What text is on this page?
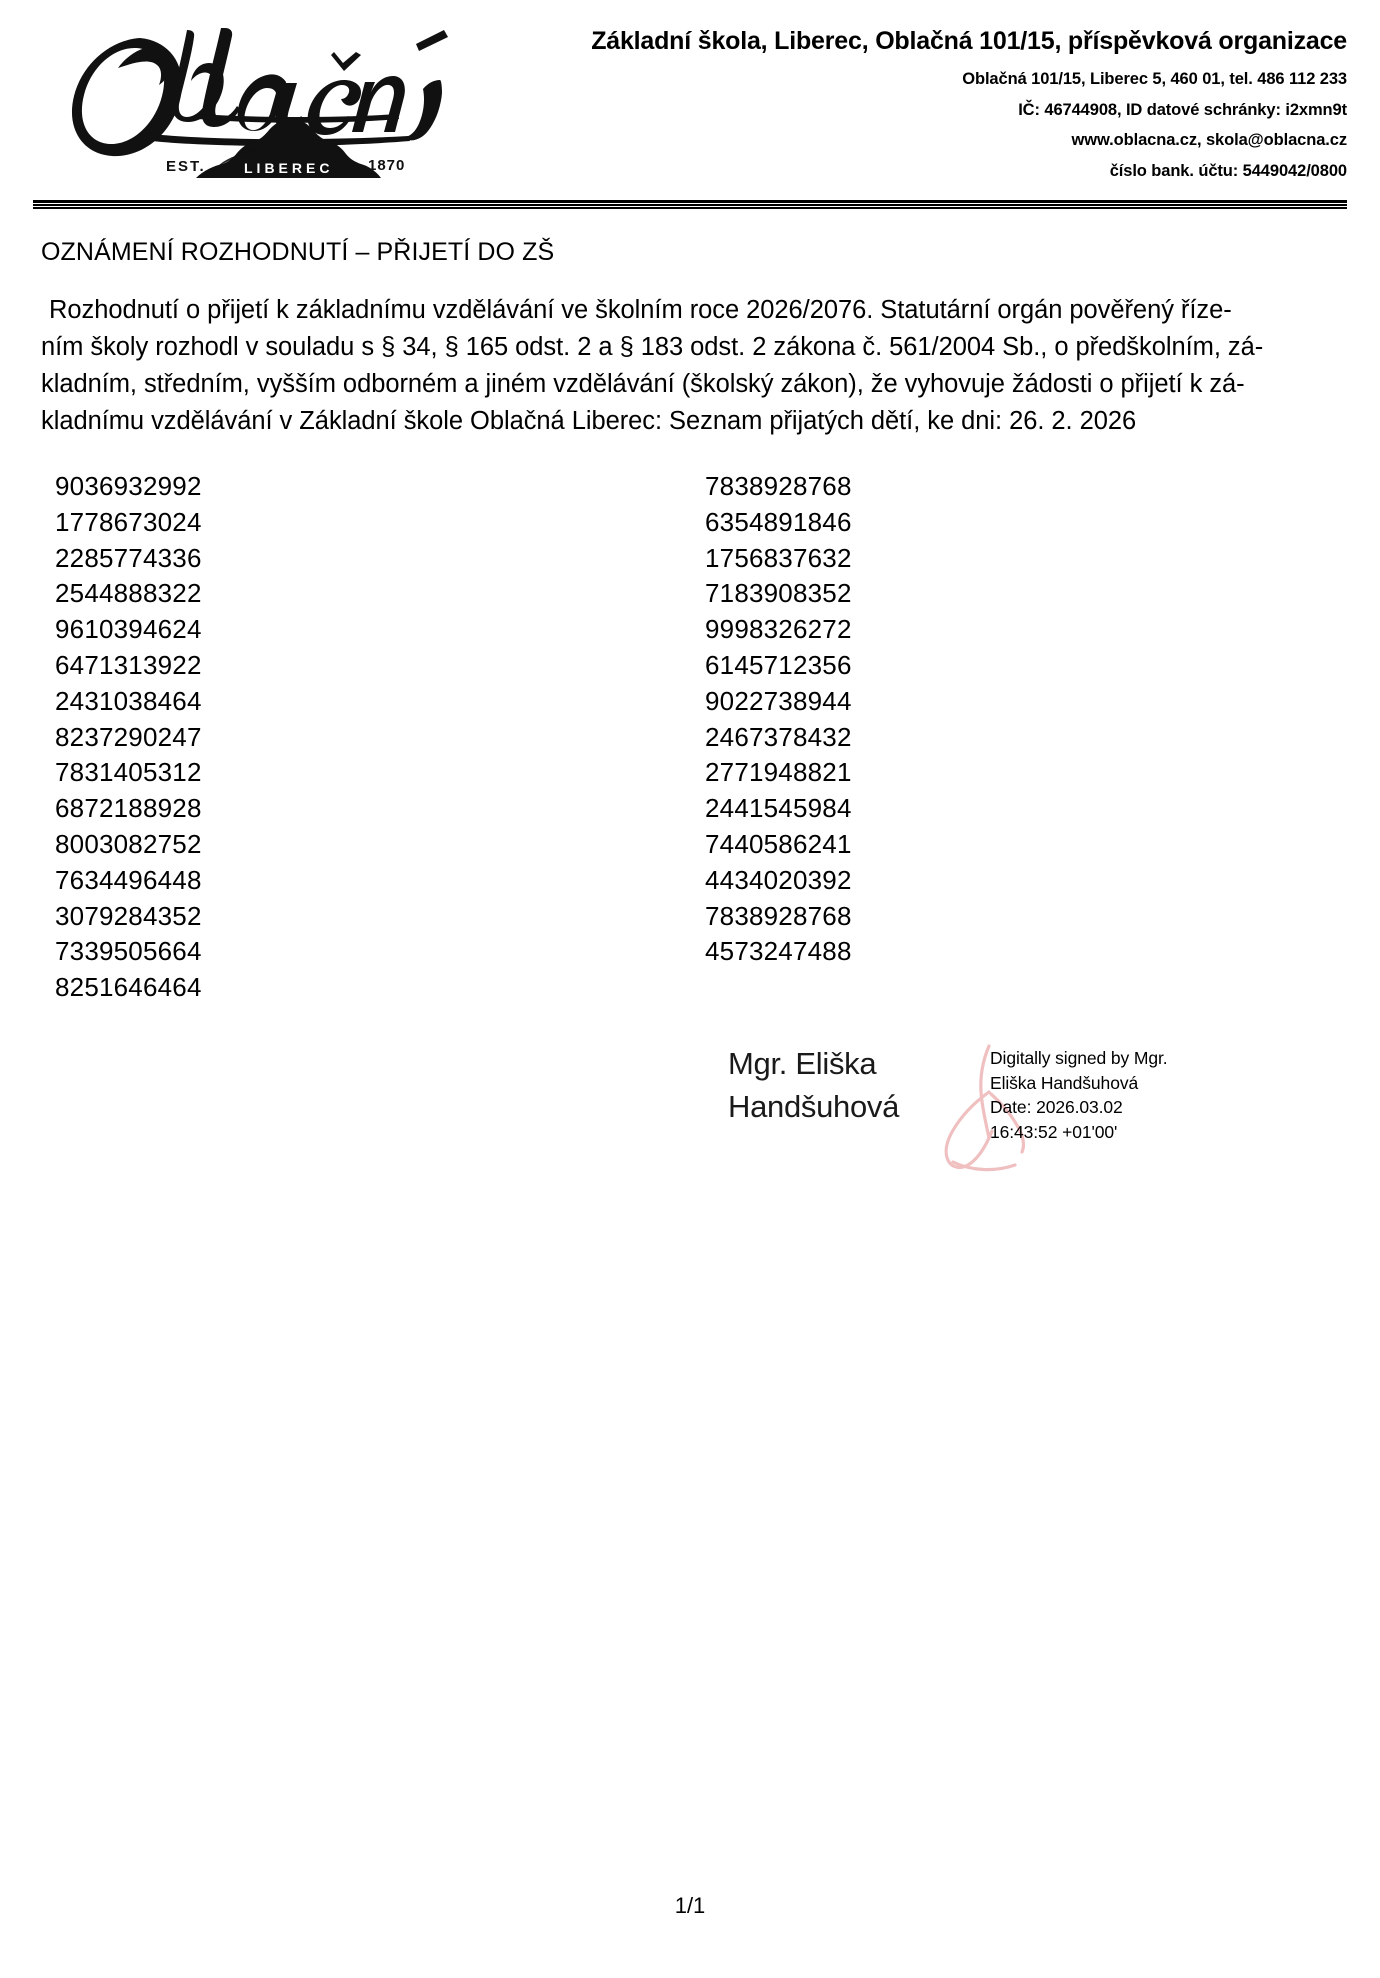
EST.	LIBEREC 1870
Základní škola, Liberec, Oblačná 101/15, příspěvková organizace
Oblačná 101/15, Liberec 5, 460 01, tel. 486 112 233
IČ: 46744908, ID datové schránky: i2xmn9t
www.oblacna.cz, skola@oblacna.cz
číslo bank. účtu: 5449042/0800
OZNÁMENÍ ROZHODNUTÍ – PŘIJETÍ DO ZŠ
Rozhodnutí o přijetí k základnímu vzdělávání ve školním roce 2026/2076. Statutární orgán pověřený říze-
ním školy rozhodl v souladu s § 34, § 165 odst. 2 a § 183 odst. 2 zákona č. 561/2004 Sb., o předškolním, zá-
kladním, středním, vyšším odborném a jiném vzdělávání (školský zákon), že vyhovuje žádosti o přijetí k zá-
kladnímu vzdělávání v Základní škole Oblačná Liberec: Seznam přijatých dětí, ke dni: 26. 2. 2026
9036932992
1778673024
2285774336
2544888322
9610394624
6471313922
2431038464
8237290247
7831405312
6872188928
8003082752
7634496448
3079284352
7339505664
8251646464
7838928768
6354891846
1756837632
7183908352
9998326272
6145712356
9022738944
2467378432
2771948821
2441545984
7440586241
4434020392
7838928768
4573247488
Mgr. Eliška
Handšuhová
Digitally signed by Mgr.
Eliška Handšuhová
Date: 2026.03.02
16:43:52 +01'00'
1/1
